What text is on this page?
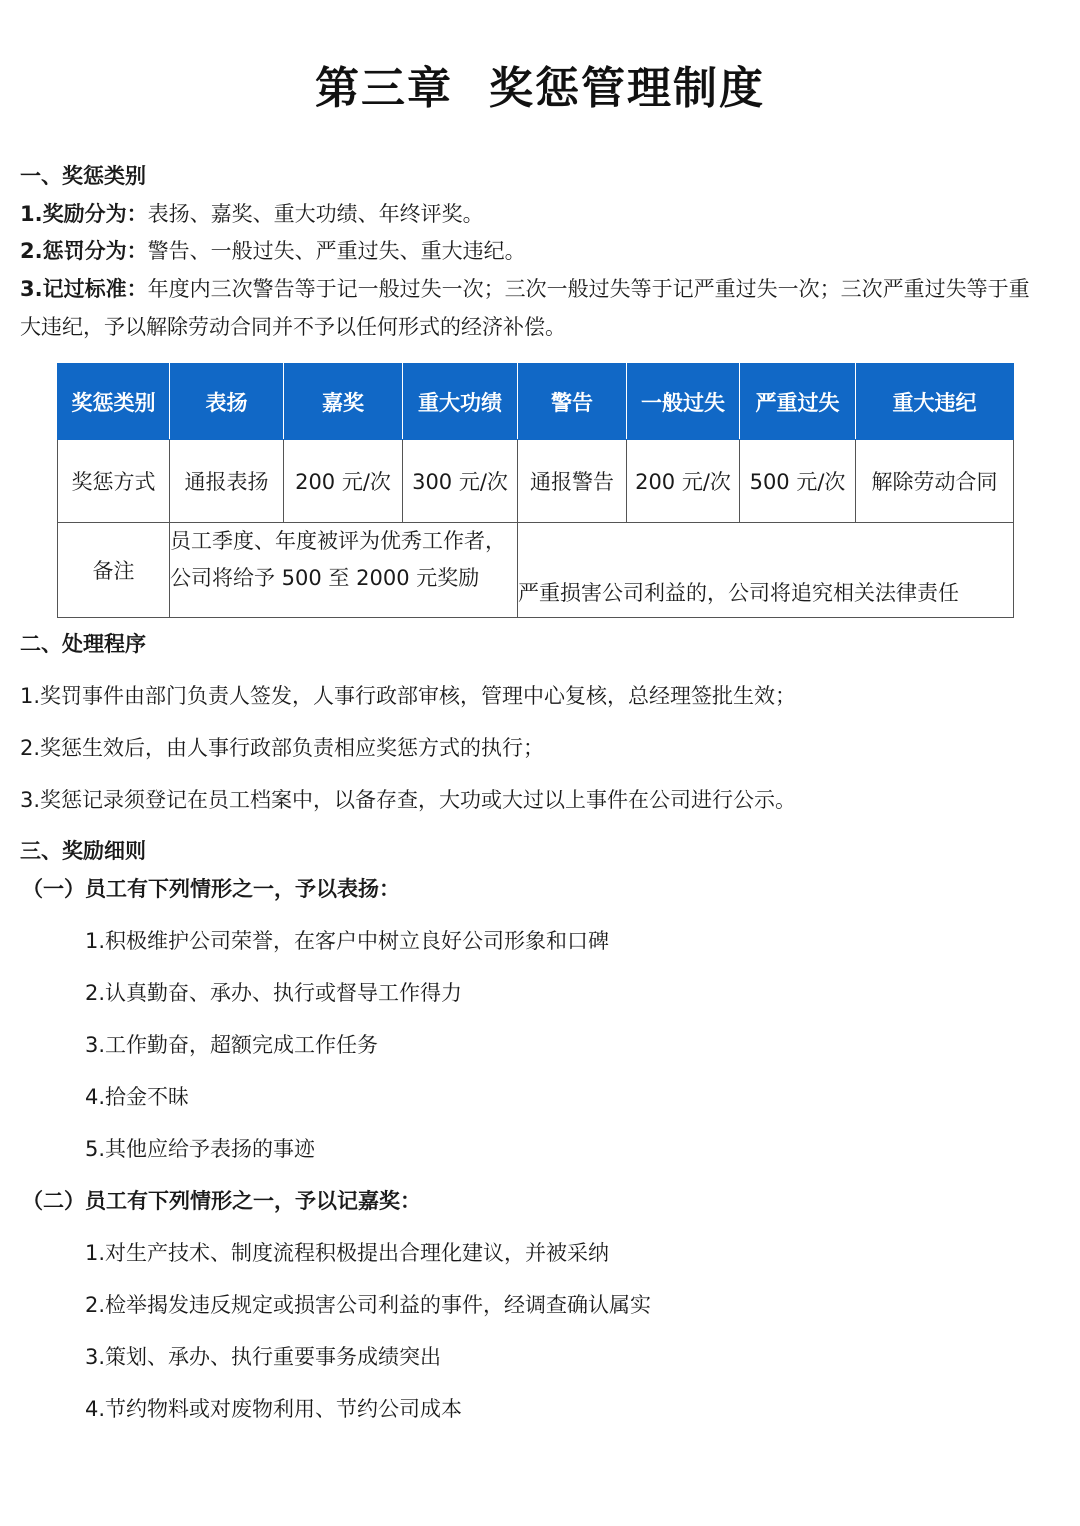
第三章 奖惩管理制度
一、奖惩类别
1.奖励分为：表扬、嘉奖、重大功绩、年终评奖。
2.惩罚分为：警告、一般过失、严重过失、重大违纪。
3.记过标准：年度内三次警告等于记一般过失一次；三次一般过失等于记严重过失一次；三次严重过失等于重
大违纪，予以解除劳动合同并不予以任何形式的经济补偿。
奖惩类别	表扬	嘉奖	重大功绩	警告	一般过失	严重过失	重大违纪
奖惩方式	通报表扬	200 元/次	300 元/次	通报警告	200 元/次	500 元/次	解除劳动合同
备注	员工季度、年度被评为优秀工作者，
公司将给予 500 至 2000 元奖励			严重损害公司利益的，公司将追究相关法律责任			
二、处理程序
1.奖罚事件由部门负责人签发，人事行政部审核，管理中心复核，总经理签批生效；
2.奖惩生效后，由人事行政部负责相应奖惩方式的执行；
3.奖惩记录须登记在员工档案中，以备存查，大功或大过以上事件在公司进行公示。
三、奖励细则
（一）员工有下列情形之一，予以表扬：
1.积极维护公司荣誉，在客户中树立良好公司形象和口碑
2.认真勤奋、承办、执行或督导工作得力
3.工作勤奋，超额完成工作任务
4.拾金不昧
5.其他应给予表扬的事迹
（二）员工有下列情形之一，予以记嘉奖：
1.对生产技术、制度流程积极提出合理化建议，并被采纳
2.检举揭发违反规定或损害公司利益的事件，经调查确认属实
3.策划、承办、执行重要事务成绩突出
4.节约物料或对废物利用、节约公司成本
